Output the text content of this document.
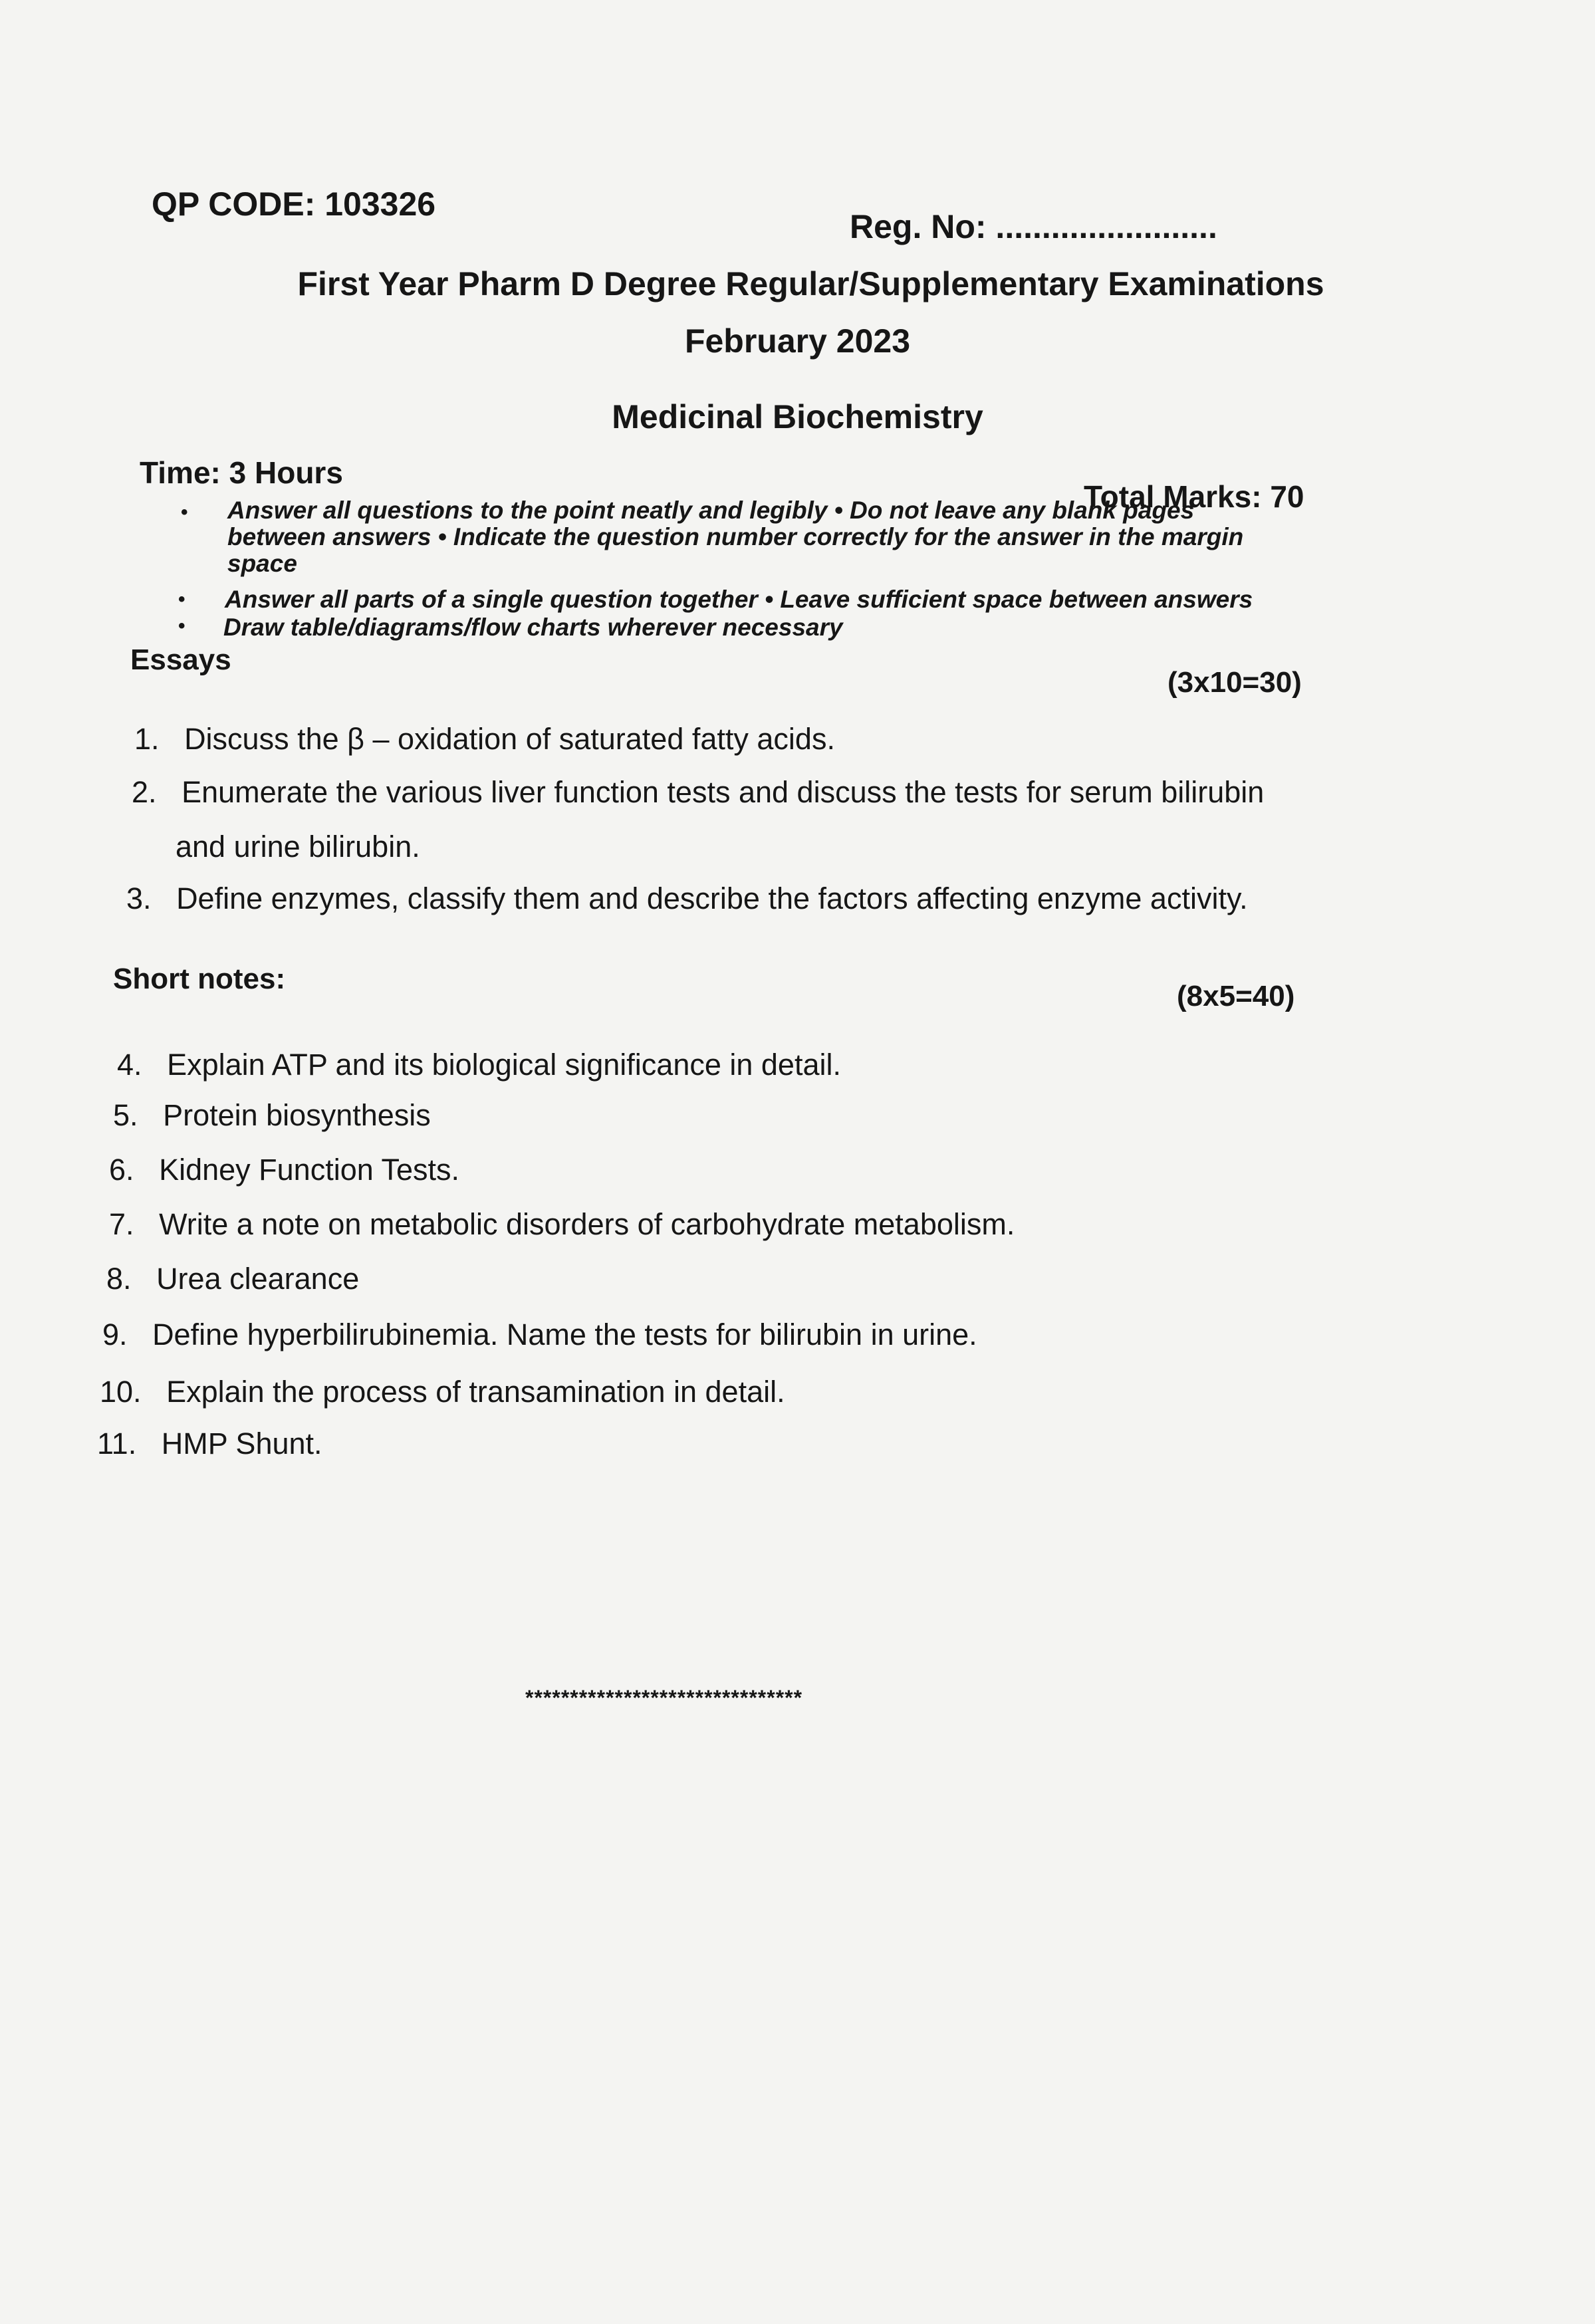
QP CODE: 103326
Reg. No: ........................
First Year Pharm D Degree Regular/Supplementary Examinations
February 2023
Medicinal Biochemistry
Time: 3 Hours
Total Marks: 70
• Answer all questions to the point neatly and legibly • Do not leave any blank pages between answers • Indicate the question number correctly for the answer in the margin space
• Answer all parts of a single question together • Leave sufficient space between answers
• Draw table/diagrams/flow charts wherever necessary
Essays
(3x10=30)
1.   Discuss the β – oxidation of saturated fatty acids.
2.   Enumerate the various liver function tests and discuss the tests for serum bilirubin
and urine bilirubin.
3.   Define enzymes, classify them and describe the factors affecting enzyme activity.
Short notes:
(8x5=40)
4.   Explain ATP and its biological significance in detail.
5.   Protein biosynthesis
6.   Kidney Function Tests.
7.   Write a note on metabolic disorders of carbohydrate metabolism.
8.   Urea clearance
9.   Define hyperbilirubinemia. Name the tests for bilirubin in urine.
10.   Explain the process of transamination in detail.
11.   HMP Shunt.
*******************************
